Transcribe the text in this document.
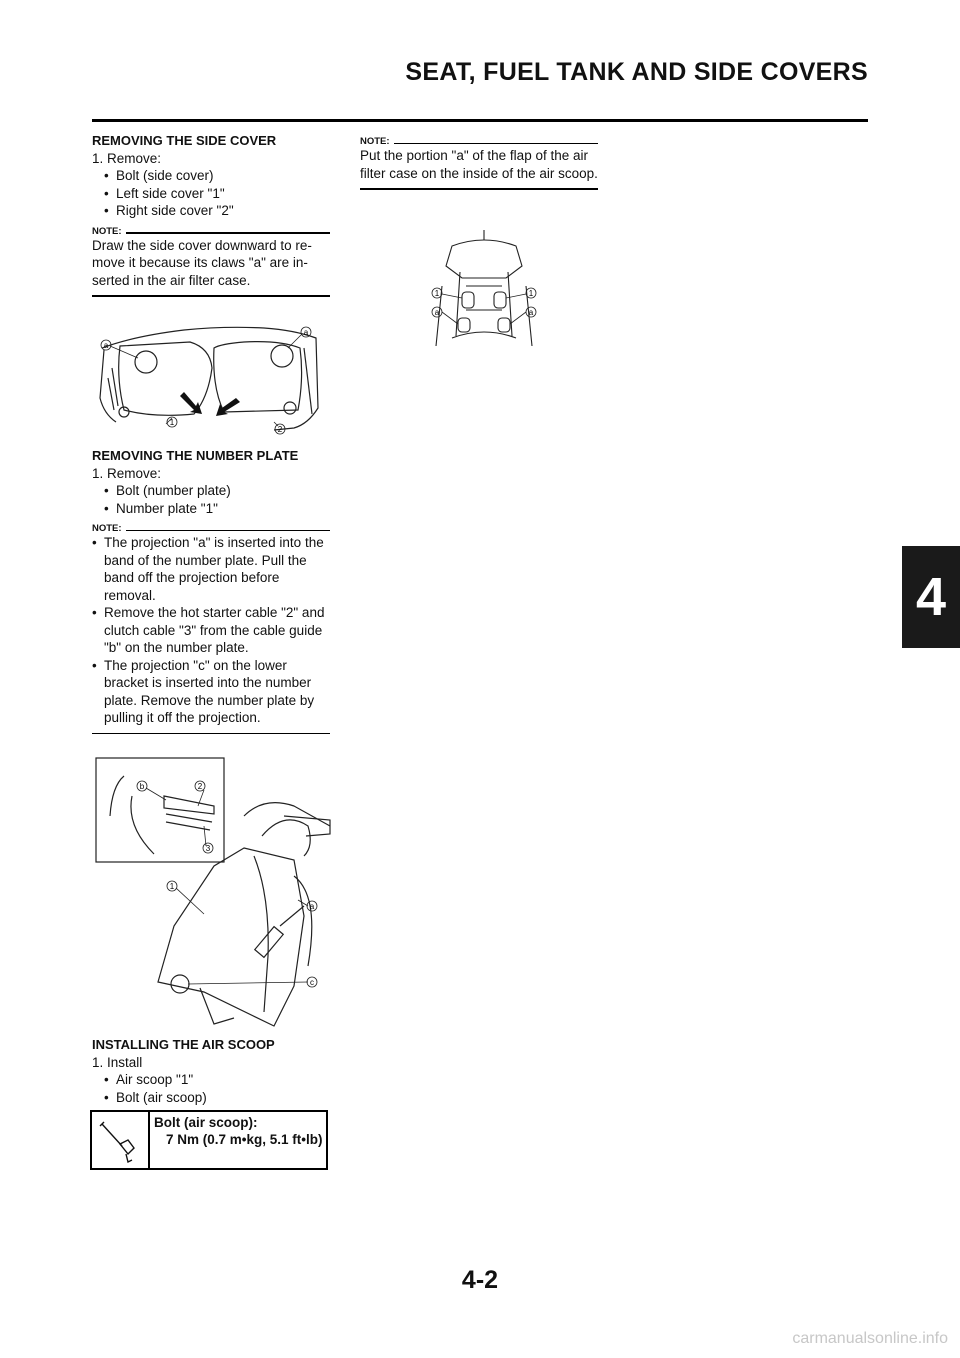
SEAT, FUEL TANK AND SIDE COVERS
REMOVING THE SIDE COVER
1. Remove:
• Bolt (side cover)
• Left side cover "1"
• Right side cover "2"
NOTE:
Draw the side cover downward to re-move it because its claws "a" are in-serted in the air filter case.
a
a
1
2
REMOVING THE NUMBER PLATE
1. Remove:
• Bolt (number plate)
• Number plate "1"
NOTE:
• The projection "a" is inserted into the band of the number plate. Pull the band off the projection before removal.
• Remove the hot starter cable "2" and clutch cable "3" from the cable guide "b" on the number plate.
• The projection "c" on the lower bracket is inserted into the number plate. Remove the number plate by pulling it off the projection.
b	2
3
1
a
c
INSTALLING THE AIR SCOOP
1. Install
• Air scoop "1"
• Bolt (air scoop)
Bolt (air scoop):
7 Nm (0.7 m•kg, 5.1 ft•lb)
NOTE:
Put the portion "a" of the flap of the air filter case on the inside of the air scoop.
1	1
a	a
4
4-2
carmanualsonline.info
